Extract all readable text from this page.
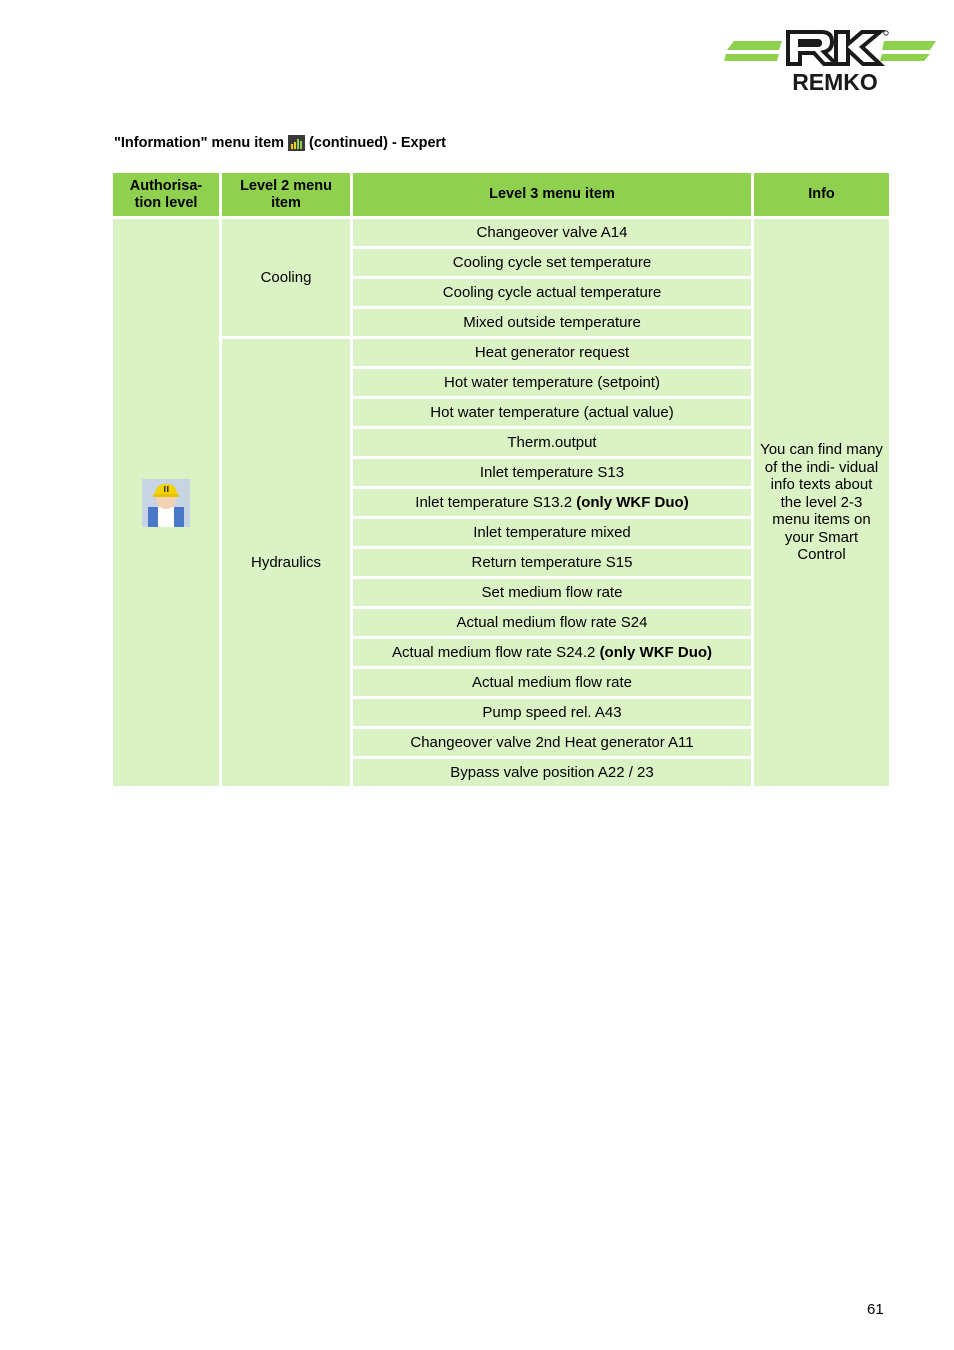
REMKO
"Information" menu item (continued) - Expert
Authorisa-
tion level	Level 2 menu item	Level 3 menu item	Info

	Cooling	Changeover valve A14	You can find many of the indi- vidual info texts about the level 2-3 menu items on your Smart Control
		Cooling cycle set temperature	
		Cooling cycle actual temperature	
		Mixed outside temperature	
	Hydraulics	Heat generator request	
		Hot water temperature (setpoint)	
		Hot water temperature (actual value)	
		Therm.output	
		Inlet temperature S13	
		Inlet temperature S13.2 (only WKF Duo)	
		Inlet temperature mixed	
		Return temperature S15	
		Set medium flow rate	
		Actual medium flow rate S24	
		Actual medium flow rate S24.2 (only WKF Duo)	
		Actual medium flow rate	
		Pump speed rel. A43	
		Changeover valve 2nd Heat generator A11	
		Bypass valve position A22 / 23	
61
